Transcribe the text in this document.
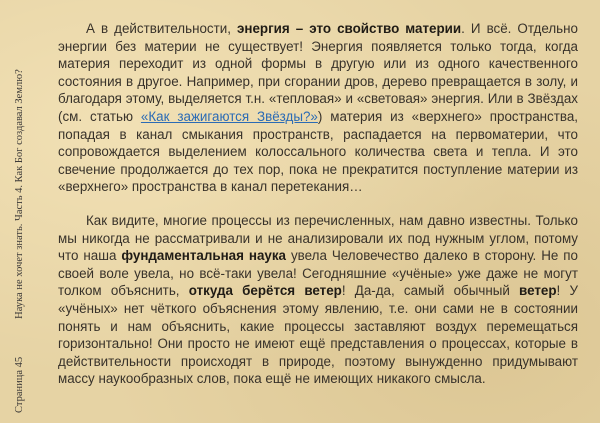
Страница 45Наука не хочет знать. Часть 4. Как Бог создавал Землю?

А в действительности, энергия – это свойство материи. И всё. Отдельно энергии без материи не существует! Энергия появляется только тогда, когда материя переходит из одной формы в другую или из одного качественного состояния в другое. Например, при сгорании дров, дерево превращается в золу, и благодаря этому, выделяется т.н. «тепловая» и «световая» энергия. Или в Звёздах (см. статью «Как зажигаются Звёзды?») материя из «верхнего» пространства, попадая в канал смыкания пространств, распадается на первоматерии, что сопровождается выделением колоссального количества света и тепла. И это свечение продолжается до тех пор, пока не прекратится поступление материи из «верхнего» пространства в канал перетекания…

Как видите, многие процессы из перечисленных, нам давно известны. Только мы никогда не рассматривали и не анализировали их под нужным углом, потому что наша фундаментальная наука увела Человечество далеко в сторону. Не по своей воле увела, но всё-таки увела! Сегодняшние «учёные» уже даже не могут толком объяснить, откуда берётся ветер! Да-да, самый обычный ветер! У «учёных» нет чёткого объяснения этому явлению, т.е. они сами не в состоянии понять и нам объяснить, какие процессы заставляют воздух перемещаться горизонтально! Они просто не имеют ещё представления о процессах, которые в действительности происходят в природе, поэтому вынужденно придумывают массу наукообразных слов, пока ещё не имеющих никакого смысла.
